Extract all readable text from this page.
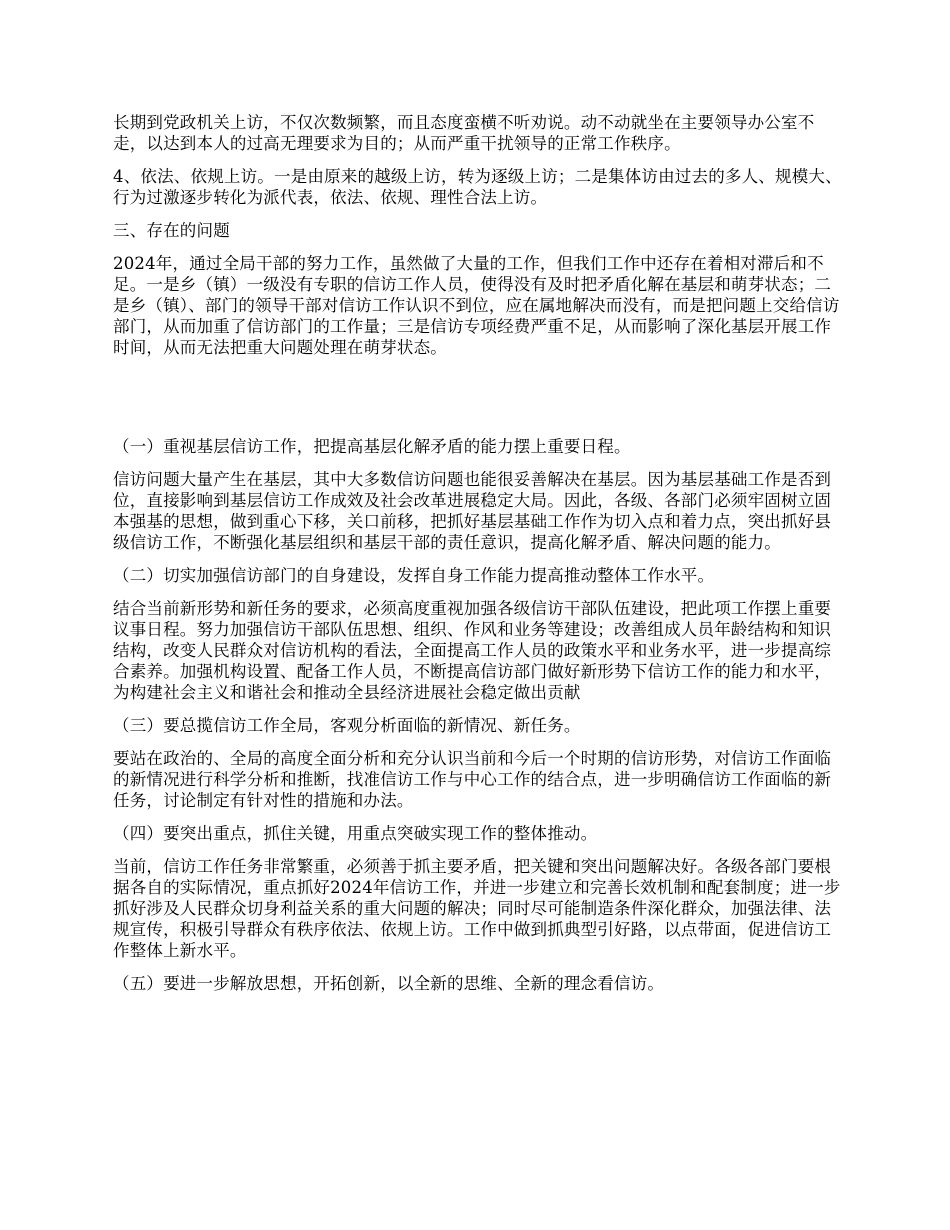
长期到党政机关上访，不仅次数频繁，而且态度蛮横不听劝说。动不动就坐在主要领导办公室不走，以达到本人的过高无理要求为目的；从而严重干扰领导的正常工作秩序。

4、依法、依规上访。一是由原来的越级上访，转为逐级上访；二是集体访由过去的多人、规模大、行为过激逐步转化为派代表，依法、依规、理性合法上访。

三、存在的问题

2024年，通过全局干部的努力工作，虽然做了大量的工作，但我们工作中还存在着相对滞后和不足。一是乡（镇）一级没有专职的信访工作人员，使得没有及时把矛盾化解在基层和萌芽状态；二是乡（镇）、部门的领导干部对信访工作认识不到位，应在属地解决而没有，而是把问题上交给信访部门，从而加重了信访部门的工作量；三是信访专项经费严重不足，从而影响了深化基层开展工作时间，从而无法把重大问题处理在萌芽状态。

（一）重视基层信访工作，把提高基层化解矛盾的能力摆上重要日程。

信访问题大量产生在基层，其中大多数信访问题也能很妥善解决在基层。因为基层基础工作是否到位，直接影响到基层信访工作成效及社会改革进展稳定大局。因此，各级、各部门必须牢固树立固本强基的思想，做到重心下移，关口前移，把抓好基层基础工作作为切入点和着力点，突出抓好县级信访工作，不断强化基层组织和基层干部的责任意识，提高化解矛盾、解决问题的能力。

（二）切实加强信访部门的自身建设，发挥自身工作能力提高推动整体工作水平。

结合当前新形势和新任务的要求，必须高度重视加强各级信访干部队伍建设，把此项工作摆上重要议事日程。努力加强信访干部队伍思想、组织、作风和业务等建设；改善组成人员年龄结构和知识结构，改变人民群众对信访机构的看法，全面提高工作人员的政策水平和业务水平，进一步提高综合素养。加强机构设置、配备工作人员，不断提高信访部门做好新形势下信访工作的能力和水平，为构建社会主义和谐社会和推动全县经济进展社会稳定做出贡献

（三）要总揽信访工作全局，客观分析面临的新情况、新任务。

要站在政治的、全局的高度全面分析和充分认识当前和今后一个时期的信访形势，对信访工作面临的新情况进行科学分析和推断，找准信访工作与中心工作的结合点，进一步明确信访工作面临的新任务，讨论制定有针对性的措施和办法。

（四）要突出重点，抓住关键，用重点突破实现工作的整体推动。

当前，信访工作任务非常繁重，必须善于抓主要矛盾，把关键和突出问题解决好。各级各部门要根据各自的实际情况，重点抓好2024年信访工作，并进一步建立和完善长效机制和配套制度；进一步抓好涉及人民群众切身利益关系的重大问题的解决；同时尽可能制造条件深化群众，加强法律、法规宣传，积极引导群众有秩序依法、依规上访。工作中做到抓典型引好路，以点带面，促进信访工作整体上新水平。

（五）要进一步解放思想，开拓创新，以全新的思维、全新的理念看信访。
